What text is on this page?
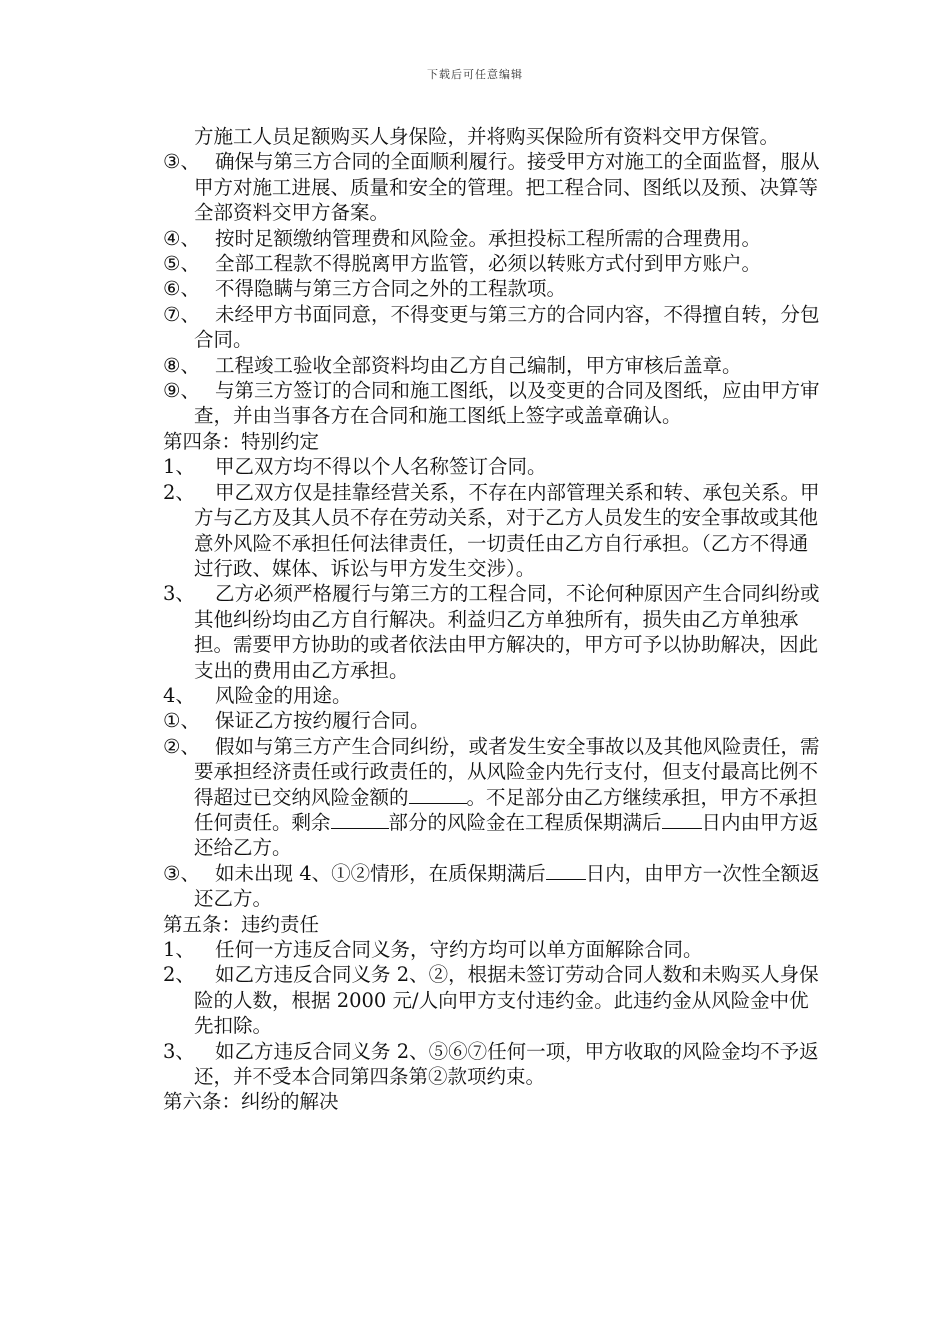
下载后可任意编辑

方施工人员足额购买人身保险，并将购买保险所有资料交甲方保管。

③、 确保与第三方合同的全面顺利履行。接受甲方对施工的全面监督，服从甲方对施工进展、质量和安全的管理。把工程合同、图纸以及预、决算等全部资料交甲方备案。

④、 按时足额缴纳管理费和风险金。承担投标工程所需的合理费用。

⑤、 全部工程款不得脱离甲方监管，必须以转账方式付到甲方账户。

⑥、 不得隐瞒与第三方合同之外的工程款项。

⑦、 未经甲方书面同意，不得变更与第三方的合同内容，不得擅自转，分包合同。

⑧、 工程竣工验收全部资料均由乙方自己编制，甲方审核后盖章。

⑨、 与第三方签订的合同和施工图纸，以及变更的合同及图纸，应由甲方审查，并由当事各方在合同和施工图纸上签字或盖章确认。

第四条：特别约定

1、 甲乙双方均不得以个人名称签订合同。

2、 甲乙双方仅是挂靠经营关系，不存在内部管理关系和转、承包关系。甲方与乙方及其人员不存在劳动关系，对于乙方人员发生的安全事故或其他意外风险不承担任何法律责任，一切责任由乙方自行承担。（乙方不得通过行政、媒体、诉讼与甲方发生交涉）。

3、 乙方必须严格履行与第三方的工程合同，不论何种原因产生合同纠纷或其他纠纷均由乙方自行解决。利益归乙方单独所有，损失由乙方单独承担。需要甲方协助的或者依法由甲方解决的，甲方可予以协助解决，因此支出的费用由乙方承担。

4、 风险金的用途。

①、 保证乙方按约履行合同。

②、 假如与第三方产生合同纠纷，或者发生安全事故以及其他风险责任，需要承担经济责任或行政责任的，从风险金内先行支付，但支付最高比例不得超过已交纳风险金额的	。不足部分由乙方继续承担，甲方不承担任何责任。剩余	部分的风险金在工程质保期满后 日内由甲方返还给乙方。

③、 如未出现 4、①②情形，在质保期满后 日内，由甲方一次性全额返还乙方。

第五条：违约责任

1、 任何一方违反合同义务，守约方均可以单方面解除合同。

2、 如乙方违反合同义务 2、②，根据未签订劳动合同人数和未购买人身保险的人数，根据 2000 元/人向甲方支付违约金。此违约金从风险金中优先扣除。

3、 如乙方违反合同义务 2、⑤⑥⑦任何一项，甲方收取的风险金均不予返还，并不受本合同第四条第②款项约束。

第六条：纠纷的解决
